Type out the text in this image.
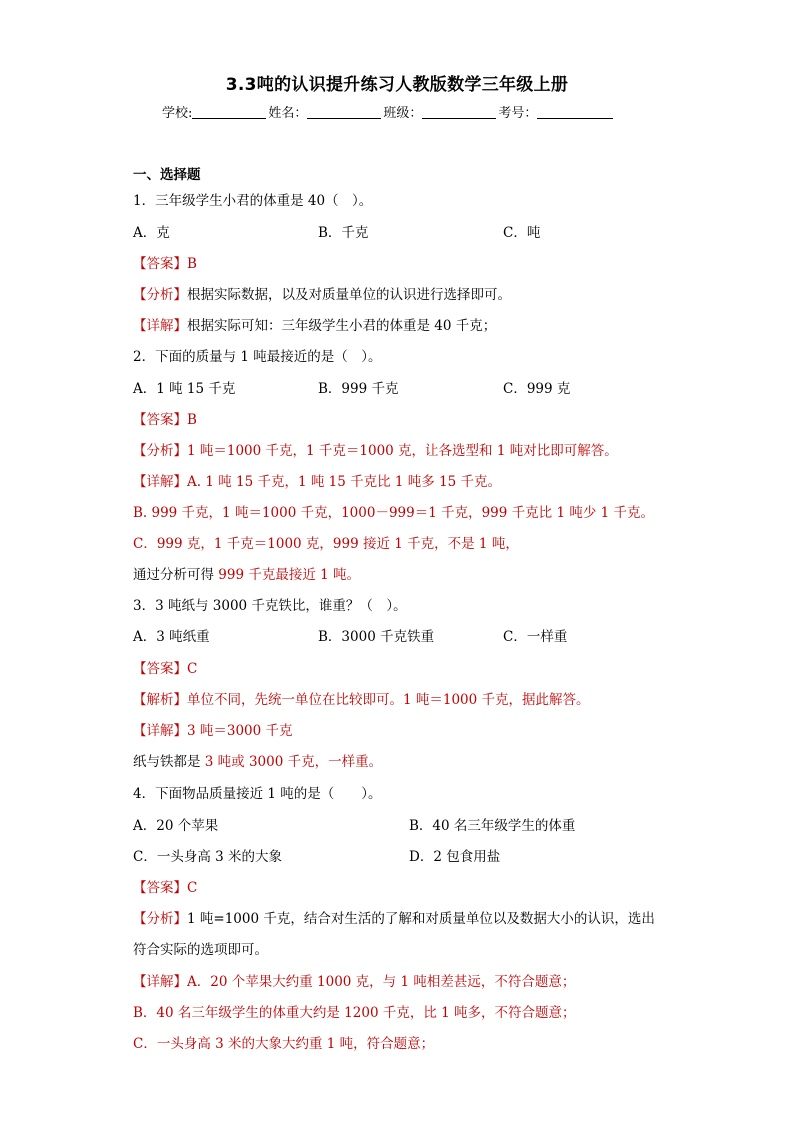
3.3吨的认识提升练习人教版数学三年级上册
学校:	姓名：	班级：	考号：
一、选择题
1．三年级学生小君的体重是 40（　）。
A．克	B．千克	C．吨
【答案】B
【分析】根据实际数据，以及对质量单位的认识进行选择即可。
【详解】根据实际可知：三年级学生小君的体重是 40 千克；
2．下面的质量与 1 吨最接近的是（　）。
A．1 吨 15 千克	B．999 千克	C．999 克
【答案】B
【分析】1 吨＝1000 千克，1 千克＝1000 克，让各选型和 1 吨对比即可解答。
【详解】A. 1 吨 15 千克，1 吨 15 千克比 1 吨多 15 千克。
B. 999 千克，1 吨＝1000 千克，1000－999＝1 千克，999 千克比 1 吨少 1 千克。
C．999 克，1 千克＝1000 克，999 接近 1 千克，不是 1 吨，
通过分析可得 999 千克最接近 1 吨。
3．3 吨纸与 3000 千克铁比，谁重？（　）。
A．3 吨纸重	B．3000 千克铁重	C．一样重
【答案】C
【解析】单位不同，先统一单位在比较即可。1 吨＝1000 千克，据此解答。
【详解】3 吨＝3000 千克
纸与铁都是 3 吨或 3000 千克，一样重。
4．下面物品质量接近 1 吨的是（　　）。
A．20 个苹果	B．40 名三年级学生的体重
C．一头身高 3 米的大象	D．2 包食用盐
【答案】C
【分析】1 吨=1000 千克，结合对生活的了解和对质量单位以及数据大小的认识，选出
符合实际的选项即可。
【详解】A．20 个苹果大约重 1000 克，与 1 吨相差甚远，不符合题意；
B．40 名三年级学生的体重大约是 1200 千克，比 1 吨多，不符合题意；
C．一头身高 3 米的大象大约重 1 吨，符合题意；
